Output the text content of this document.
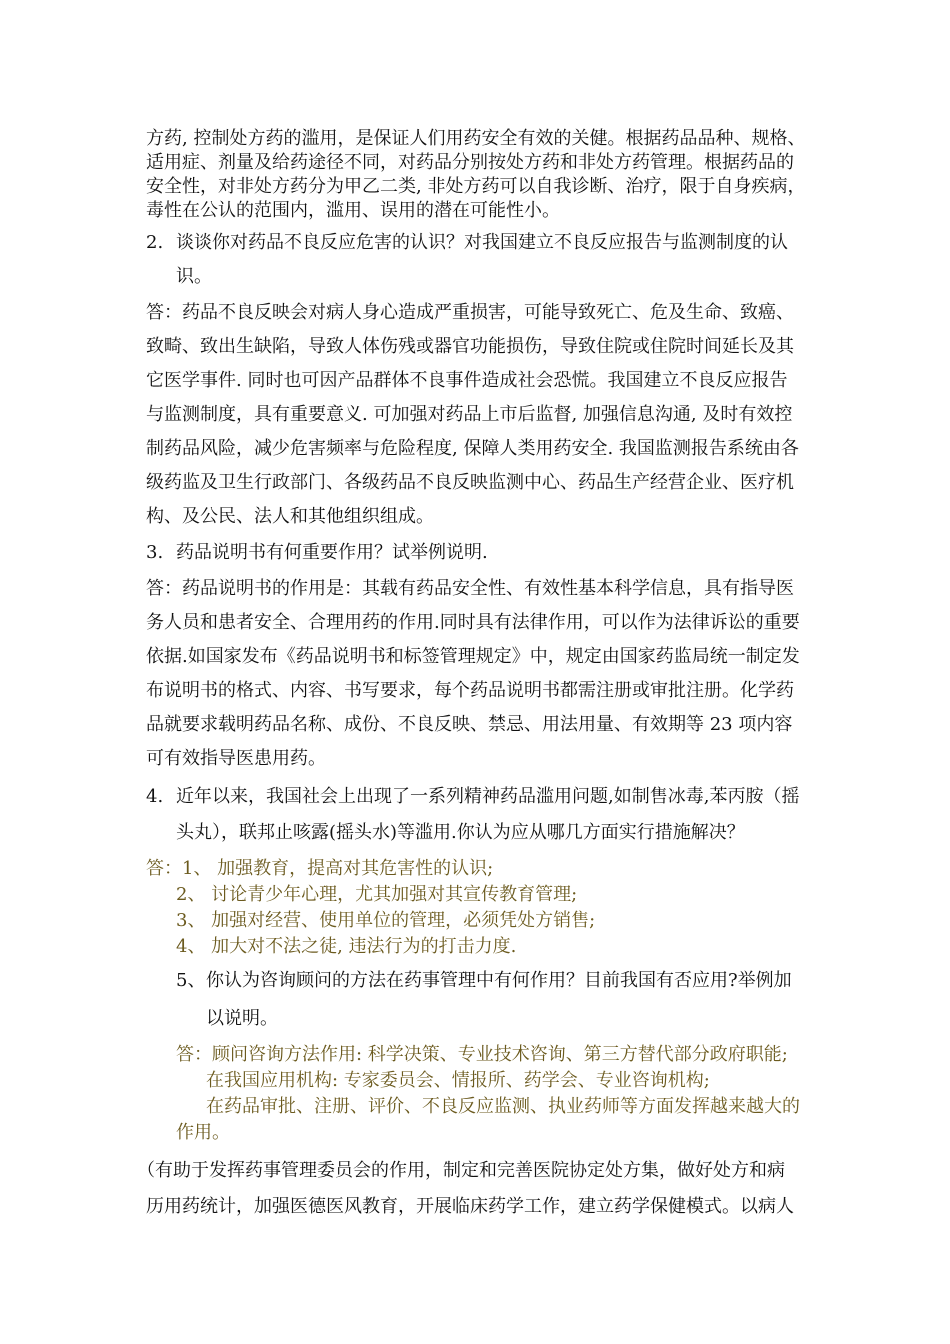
方药, 控制处方药的滥用，是保证人们用药安全有效的关健。根据药品品种、规格、
适用症、剂量及给药途径不同，对药品分别按处方药和非处方药管理。根据药品的
安全性，对非处方药分为甲乙二类, 非处方药可以自我诊断、治疗，限于自身疾病，
毒性在公认的范围内，滥用、误用的潜在可能性小。
2. 谈谈你对药品不良反应危害的认识？对我国建立不良反应报告与监测制度的认
识。
答：药品不良反映会对病人身心造成严重损害，可能导致死亡、危及生命、致癌、
致畸、致出生缺陷，导致人体伤残或器官功能损伤，导致住院或住院时间延长及其
它医学事件. 同时也可因产品群体不良事件造成社会恐慌。我国建立不良反应报告
与监测制度，具有重要意义. 可加强对药品上市后监督, 加强信息沟通, 及时有效控
制药品风险，减少危害频率与危险程度, 保障人类用药安全. 我国监测报告系统由各
级药监及卫生行政部门、各级药品不良反映监测中心、药品生产经营企业、医疗机
构、及公民、法人和其他组织组成。
3. 药品说明书有何重要作用？试举例说明.
答：药品说明书的作用是：其载有药品安全性、有效性基本科学信息，具有指导医
务人员和患者安全、合理用药的作用.同时具有法律作用，可以作为法律诉讼的重要
依据.如国家发布《药品说明书和标签管理规定》中，规定由国家药监局统一制定发
布说明书的格式、内容、书写要求，每个药品说明书都需注册或审批注册。化学药
品就要求载明药品名称、成份、不良反映、禁忌、用法用量、有效期等 23 项内容
可有效指导医患用药。
4. 近年以来，我国社会上出现了一系列精神药品滥用问题,如制售冰毒,苯丙胺（摇
头丸），联邦止咳露(摇头水)等滥用.你认为应从哪几方面实行措施解决？
答：1、 加强教育，提高对其危害性的认识;
2、 讨论青少年心理，尤其加强对其宣传教育管理;
3、 加强对经营、使用单位的管理，必须凭处方销售;
4、 加大对不法之徒, 违法行为的打击力度.
5、你认为咨询顾问的方法在药事管理中有何作用？目前我国有否应用?举例加
以说明。
答：顾问咨询方法作用: 科学决策、专业技术咨询、第三方替代部分政府职能;
在我国应用机构: 专家委员会、情报所、药学会、专业咨询机构;
在药品审批、注册、评价、不良反应监测、执业药师等方面发挥越来越大的
作用。
（有助于发挥药事管理委员会的作用，制定和完善医院协定处方集，做好处方和病
历用药统计，加强医德医风教育，开展临床药学工作，建立药学保健模式。以病人
